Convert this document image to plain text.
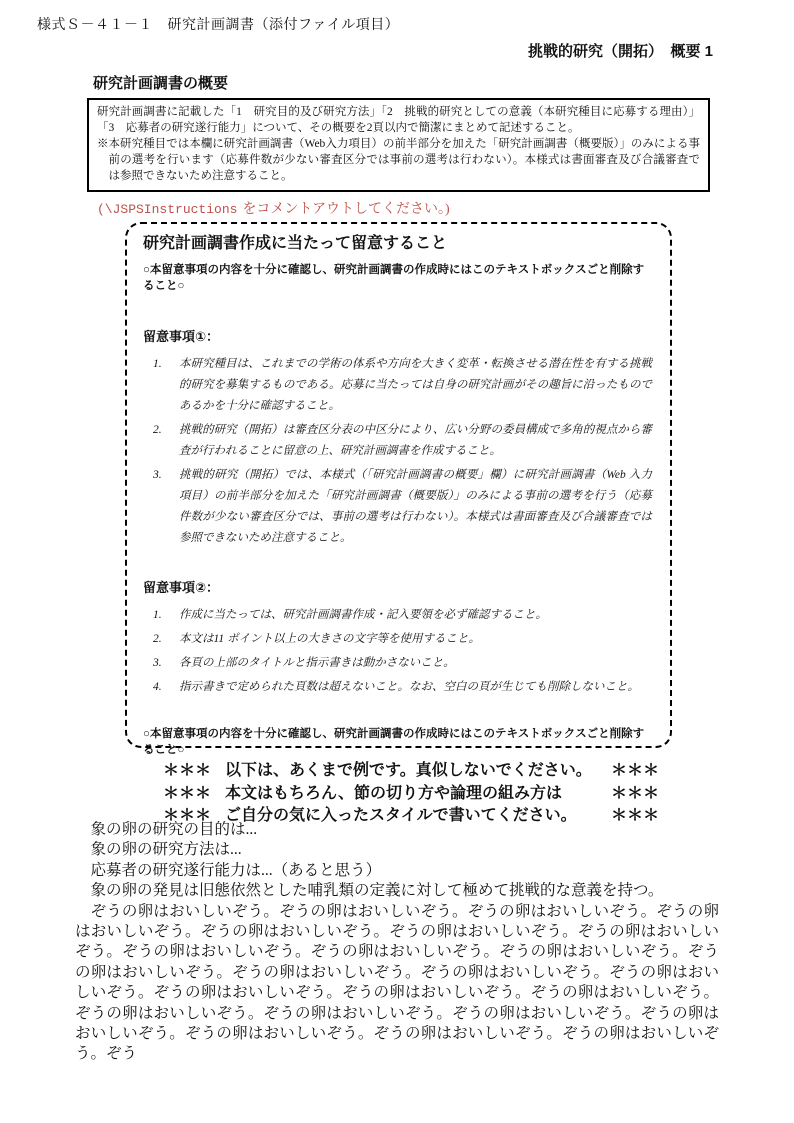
様式Ｓ－４１－１　研究計画調書（添付ファイル項目）
挑戦的研究（開拓）　概要 1
研究計画調書の概要

研究計画調書に記載した「1　研究目的及び研究方法」「2　挑戦的研究としての意義（本研究種目に応募する理由）」「3　応募者の研究遂行能力」について、その概要を2頁以内で簡潔にまとめて記述すること。

※本研究種目では本欄に研究計画調書（Web入力項目）の前半部分を加えた「研究計画調書（概要版）」のみによる事前の選考を行います（応募件数が少ない審査区分では事前の選考は行わない）。本様式は書面審査及び合議審査では参照できないため注意すること。

(\JSPSInstructions をコメントアウトしてください。)
研究計画調書作成に当たって留意すること
○本留意事項の内容を十分に確認し、研究計画調書の作成時にはこのテキストボックスごと削除すること○
留意事項①：
1.	本研究種目は、これまでの学術の体系や方向を大きく変革・転換させる潜在性を有する挑戦的研究を募集するものである。応募に当たっては自身の研究計画がその趣旨に沿ったものであるかを十分に確認すること。
2.	挑戦的研究（開拓）は審査区分表の中区分により、広い分野の委員構成で多角的視点から審査が行われることに留意の上、研究計画調書を作成すること。
3.	挑戦的研究（開拓）では、本様式（「研究計画調書の概要」欄）に研究計画調書（Web 入力項目）の前半部分を加えた「研究計画調書（概要版）」のみによる事前の選考を行う（応募件数が少ない審査区分では、事前の選考は行わない）。本様式は書面審査及び合議審査では参照できないため注意すること。
留意事項②：
1.	作成に当たっては、研究計画調書作成・記入要領を必ず確認すること。
2.	本文は11 ポイント以上の大きさの文字等を使用すること。
3.	各頁の上部のタイトルと指示書きは動かさないこと。
4.	指示書きで定められた頁数は超えないこと。なお、空白の頁が生じても削除しないこと。
○本留意事項の内容を十分に確認し、研究計画調書の作成時にはこのテキストボックスごと削除すること○
＊＊＊ 以下は、あくまで例です。真似しないでください。	＊＊＊
＊＊＊ 本文はもちろん、節の切り方や論理の組み方は	＊＊＊
＊＊＊ ご自分の気に入ったスタイルで書いてください。	＊＊＊
象の卵の研究の目的は...
象の卵の研究方法は...
応募者の研究遂行能力は...（あると思う）
象の卵の発見は旧態依然とした哺乳類の定義に対して極めて挑戦的な意義を持つ。

ぞうの卵はおいしいぞう。ぞうの卵はおいしいぞう。ぞうの卵はおいしいぞう。ぞうの卵はおいしいぞう。ぞうの卵はおいしいぞう。ぞうの卵はおいしいぞう。ぞうの卵はおいしいぞう。ぞうの卵はおいしいぞう。ぞうの卵はおいしいぞう。ぞうの卵はおいしいぞう。ぞうの卵はおいしいぞう。ぞうの卵はおいしいぞう。ぞうの卵はおいしいぞう。ぞうの卵はおいしいぞう。ぞうの卵はおいしいぞう。ぞうの卵はおいしいぞう。ぞうの卵はおいしいぞう。ぞうの卵はおいしいぞう。ぞうの卵はおいしいぞう。ぞうの卵はおいしいぞう。ぞうの卵はおいしいぞう。ぞうの卵はおいしいぞう。ぞうの卵はおいしいぞう。ぞうの卵はおいしいぞう。ぞう
